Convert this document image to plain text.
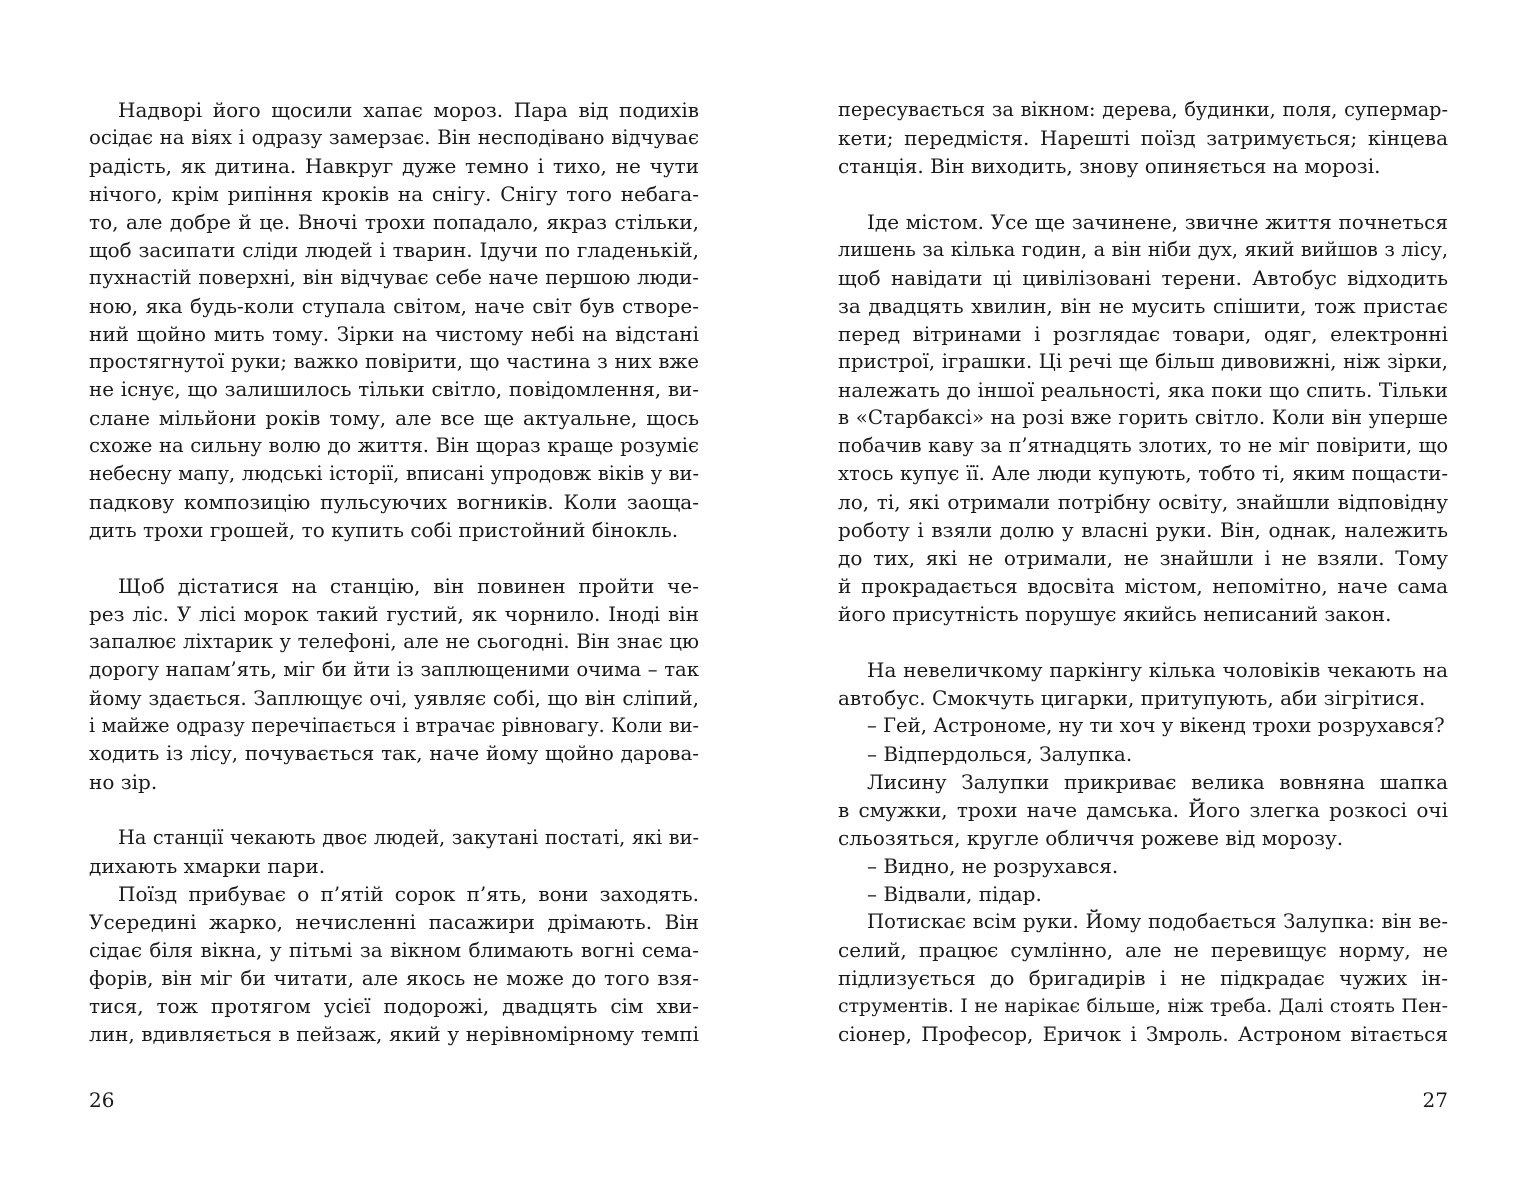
Надворі його щосили хапає мороз. Пара від подихів
осідає на віях і одразу замерзає. Він несподівано відчуває
радість, як дитина. Навкруг дуже темно і тихо, не чути
нічого, крім рипіння кроків на снігу. Снігу того небага-
то, але добре й це. Вночі трохи попадало, якраз стільки,
щоб засипати сліди людей і тварин. Ідучи по гладенькій,
пухнастій поверхні, він відчуває себе наче першою люди-
ною, яка будь-коли ступала світом, наче світ був створе-
ний щойно мить тому. Зірки на чистому небі на відстані
простягнутої руки; важко повірити, що частина з них вже
не існує, що залишилось тільки світло, повідомлення, ви-
слане мільйони років тому, але все ще актуальне, щось
схоже на сильну волю до життя. Він щораз краще розуміє
небесну мапу, людські історії, вписані упродовж віків у ви-
падкову композицію пульсуючих вогників. Коли заоща-
дить трохи грошей, то купить собі пристойний бінокль.
Щоб дістатися на станцію, він повинен пройти че-
рез ліс. У лісі морок такий густий, як чорнило. Іноді він
запалює ліхтарик у телефоні, але не сьогодні. Він знає цю
дорогу напам’ять, міг би йти із заплющеними очима – так
йому здається. Заплющує очі, уявляє собі, що він сліпий,
і майже одразу перечіпається і втрачає рівновагу. Коли ви-
ходить із лісу, почувається так, наче йому щойно дарова-
но зір.
На станції чекають двоє людей, закутані постаті, які ви-
дихають хмарки пари.
Поїзд прибуває о п’ятій сорок п’ять, вони заходять.
Усередині жарко, нечисленні пасажири дрімають. Він
сідає біля вікна, у пітьмі за вікном блимають вогні сема-
форів, він міг би читати, але якось не може до того взя-
тися, тож протягом усієї подорожі, двадцять сім хви-
лин, вдивляється в пейзаж, який у нерівномірному темпі
26
пересувається за вікном: дерева, будинки, поля, супермар-
кети; передмістя. Нарешті поїзд затримується; кінцева
станція. Він виходить, знову опиняється на морозі.
Іде містом. Усе ще зачинене, звичне життя почнеться
лишень за кілька годин, а він ніби дух, який вийшов з лісу,
щоб навідати ці цивілізовані терени. Автобус відходить
за двадцять хвилин, він не мусить спішити, тож пристає
перед вітринами і розглядає товари, одяг, електронні
пристрої, іграшки. Ці речі ще більш дивовижні, ніж зірки,
належать до іншої реальності, яка поки що спить. Тільки
в «Старбаксі» на розі вже горить світло. Коли він уперше
побачив каву за п’ятнадцять злотих, то не міг повірити, що
хтось купує її. Але люди купують, тобто ті, яким пощасти-
ло, ті, які отримали потрібну освіту, знайшли відповідну
роботу і взяли долю у власні руки. Він, однак, належить
до тих, які не отримали, не знайшли і не взяли. Тому
й прокрадається вдосвіта містом, непомітно, наче сама
його присутність порушує якийсь неписаний закон.
На невеличкому паркінгу кілька чоловіків чекають на
автобус. Смокчуть цигарки, притупують, аби зігрітися.
– Гей, Астрономе, ну ти хоч у вікенд трохи розрухався?
– Відпердолься, Залупка.
Лисину Залупки прикриває велика вовняна шапка
в смужки, трохи наче дамська. Його злегка розкосі очі
сльозяться, кругле обличчя рожеве від морозу.
– Видно, не розрухався.
– Відвали, підар.
Потискає всім руки. Йому подобається Залупка: він ве-
селий, працює сумлінно, але не перевищує норму, не
підлизується до бригадирів і не підкрадає чужих ін-
струментів. І не нарікає більше, ніж треба. Далі стоять Пен-
сіонер, Професор, Еричок і Змроль. Астроном вітається
27
